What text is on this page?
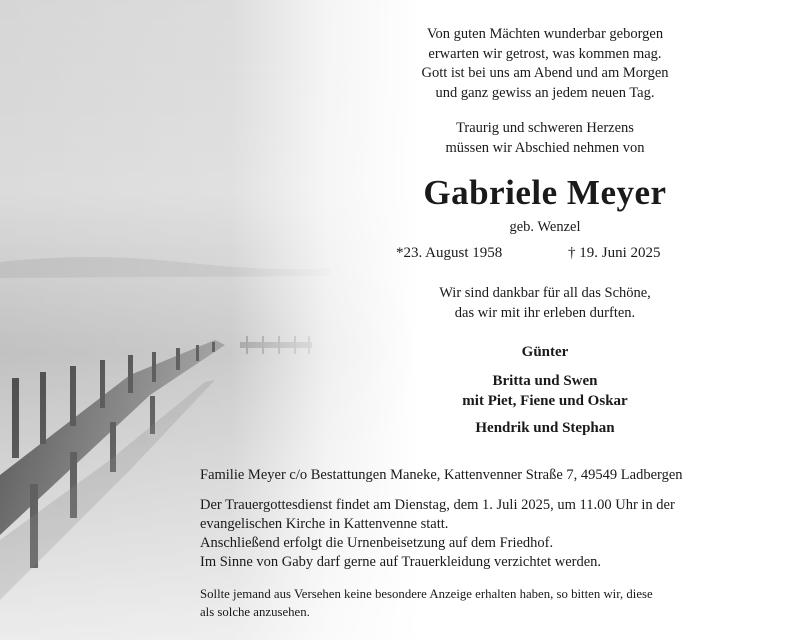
Von guten Mächten wunderbar geborgen
erwarten wir getrost, was kommen mag.
Gott ist bei uns am Abend und am Morgen
und ganz gewiss an jedem neuen Tag.
Traurig und schweren Herzens
müssen wir Abschied nehmen von
Gabriele Meyer
geb. Wenzel
*23. August 1958	† 19. Juni 2025
Wir sind dankbar für all das Schöne,
das wir mit ihr erleben durften.
Günter
Britta und Swen
mit Piet, Fiene und Oskar
Hendrik und Stephan
Familie Meyer c/o Bestattungen Maneke, Kattenvenner Straße 7, 49549 Ladbergen
Der Trauergottesdienst findet am Dienstag, dem 1. Juli 2025, um 11.00 Uhr in der
evangelischen Kirche in Kattenvenne statt.
Anschließend erfolgt die Urnenbeisetzung auf dem Friedhof.
Im Sinne von Gaby darf gerne auf Trauerkleidung verzichtet werden.
Sollte jemand aus Versehen keine besondere Anzeige erhalten haben, so bitten wir, diese
als solche anzusehen.
